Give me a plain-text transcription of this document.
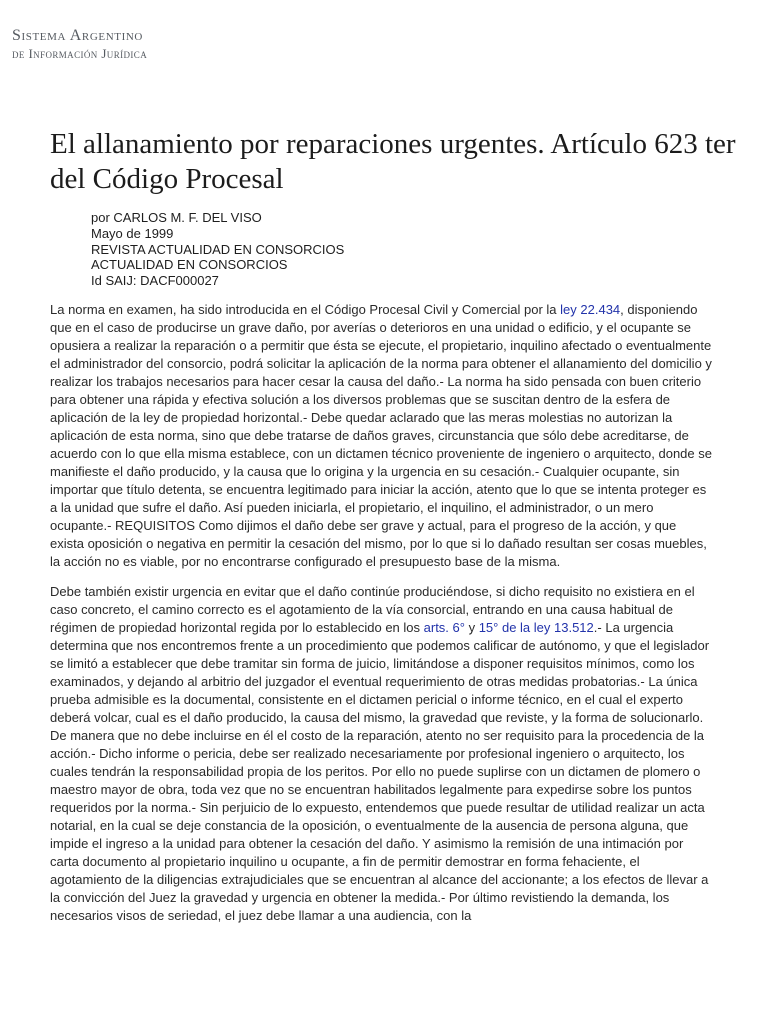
Sistema Argentino
de Información Jurídica
El allanamiento por reparaciones urgentes. Artículo 623 ter del Código Procesal
por CARLOS M. F. DEL VISO
Mayo de 1999
REVISTA ACTUALIDAD EN CONSORCIOS
ACTUALIDAD EN CONSORCIOS
Id SAIJ: DACF000027

La norma en examen, ha sido introducida en el Código Procesal Civil y Comercial por la ley 22.434, disponiendo que en el caso de producirse un grave daño, por averías o deterioros en una unidad o edificio, y el ocupante se opusiera a realizar la reparación o a permitir que ésta se ejecute, el propietario, inquilino afectado o eventualmente el administrador del consorcio, podrá solicitar la aplicación de la norma para obtener el allanamiento del domicilio y realizar los trabajos necesarios para hacer cesar la causa del daño.- La norma ha sido pensada con buen criterio para obtener una rápida y efectiva solución a los diversos problemas que se suscitan dentro de la esfera de aplicación de la ley de propiedad horizontal.- Debe quedar aclarado que las meras molestias no autorizan la aplicación de esta norma, sino que debe tratarse de daños graves, circunstancia que sólo debe acreditarse, de acuerdo con lo que ella misma establece, con un dictamen técnico proveniente de ingeniero o arquitecto, donde se manifieste el daño producido, y la causa que lo origina y la urgencia en su cesación.- Cualquier ocupante, sin importar que título detenta, se encuentra legitimado para iniciar la acción, atento que lo que se intenta proteger es a la unidad que sufre el daño. Así pueden iniciarla, el propietario, el inquilino, el administrador, o un mero ocupante.- REQUISITOS Como dijimos el daño debe ser grave y actual, para el progreso de la acción, y que exista oposición o negativa en permitir la cesación del mismo, por lo que si lo dañado resultan ser cosas muebles, la acción no es viable, por no encontrarse configurado el presupuesto base de la misma.

Debe también existir urgencia en evitar que el daño continúe produciéndose, si dicho requisito no existiera en el caso concreto, el camino correcto es el agotamiento de la vía consorcial, entrando en una causa habitual de régimen de propiedad horizontal regida por lo establecido en los arts. 6° y 15° de la ley 13.512.- La urgencia determina que nos encontremos frente a un procedimiento que podemos calificar de autónomo, y que el legislador se limitó a establecer que debe tramitar sin forma de juicio, limitándose a disponer requisitos mínimos, como los examinados, y dejando al arbitrio del juzgador el eventual requerimiento de otras medidas probatorias.- La única prueba admisible es la documental, consistente en el dictamen pericial o informe técnico, en el cual el experto deberá volcar, cual es el daño producido, la causa del mismo, la gravedad que reviste, y la forma de solucionarlo. De manera que no debe incluirse en él el costo de la reparación, atento no ser requisito para la procedencia de la acción.- Dicho informe o pericia, debe ser realizado necesariamente por profesional ingeniero o arquitecto, los cuales tendrán la responsabilidad propia de los peritos. Por ello no puede suplirse con un dictamen de plomero o maestro mayor de obra, toda vez que no se encuentran habilitados legalmente para expedirse sobre los puntos requeridos por la norma.- Sin perjuicio de lo expuesto, entendemos que puede resultar de utilidad realizar un acta notarial, en la cual se deje constancia de la oposición, o eventualmente de la ausencia de persona alguna, que impide el ingreso a la unidad para obtener la cesación del daño. Y asimismo la remisión de una intimación por carta documento al propietario inquilino u ocupante, a fin de permitir demostrar en forma fehaciente, el agotamiento de la diligencias extrajudiciales que se encuentran al alcance del accionante; a los efectos de llevar a la convicción del Juez la gravedad y urgencia en obtener la medida.- Por último revistiendo la demanda, los necesarios visos de seriedad, el juez debe llamar a una audiencia, con la
